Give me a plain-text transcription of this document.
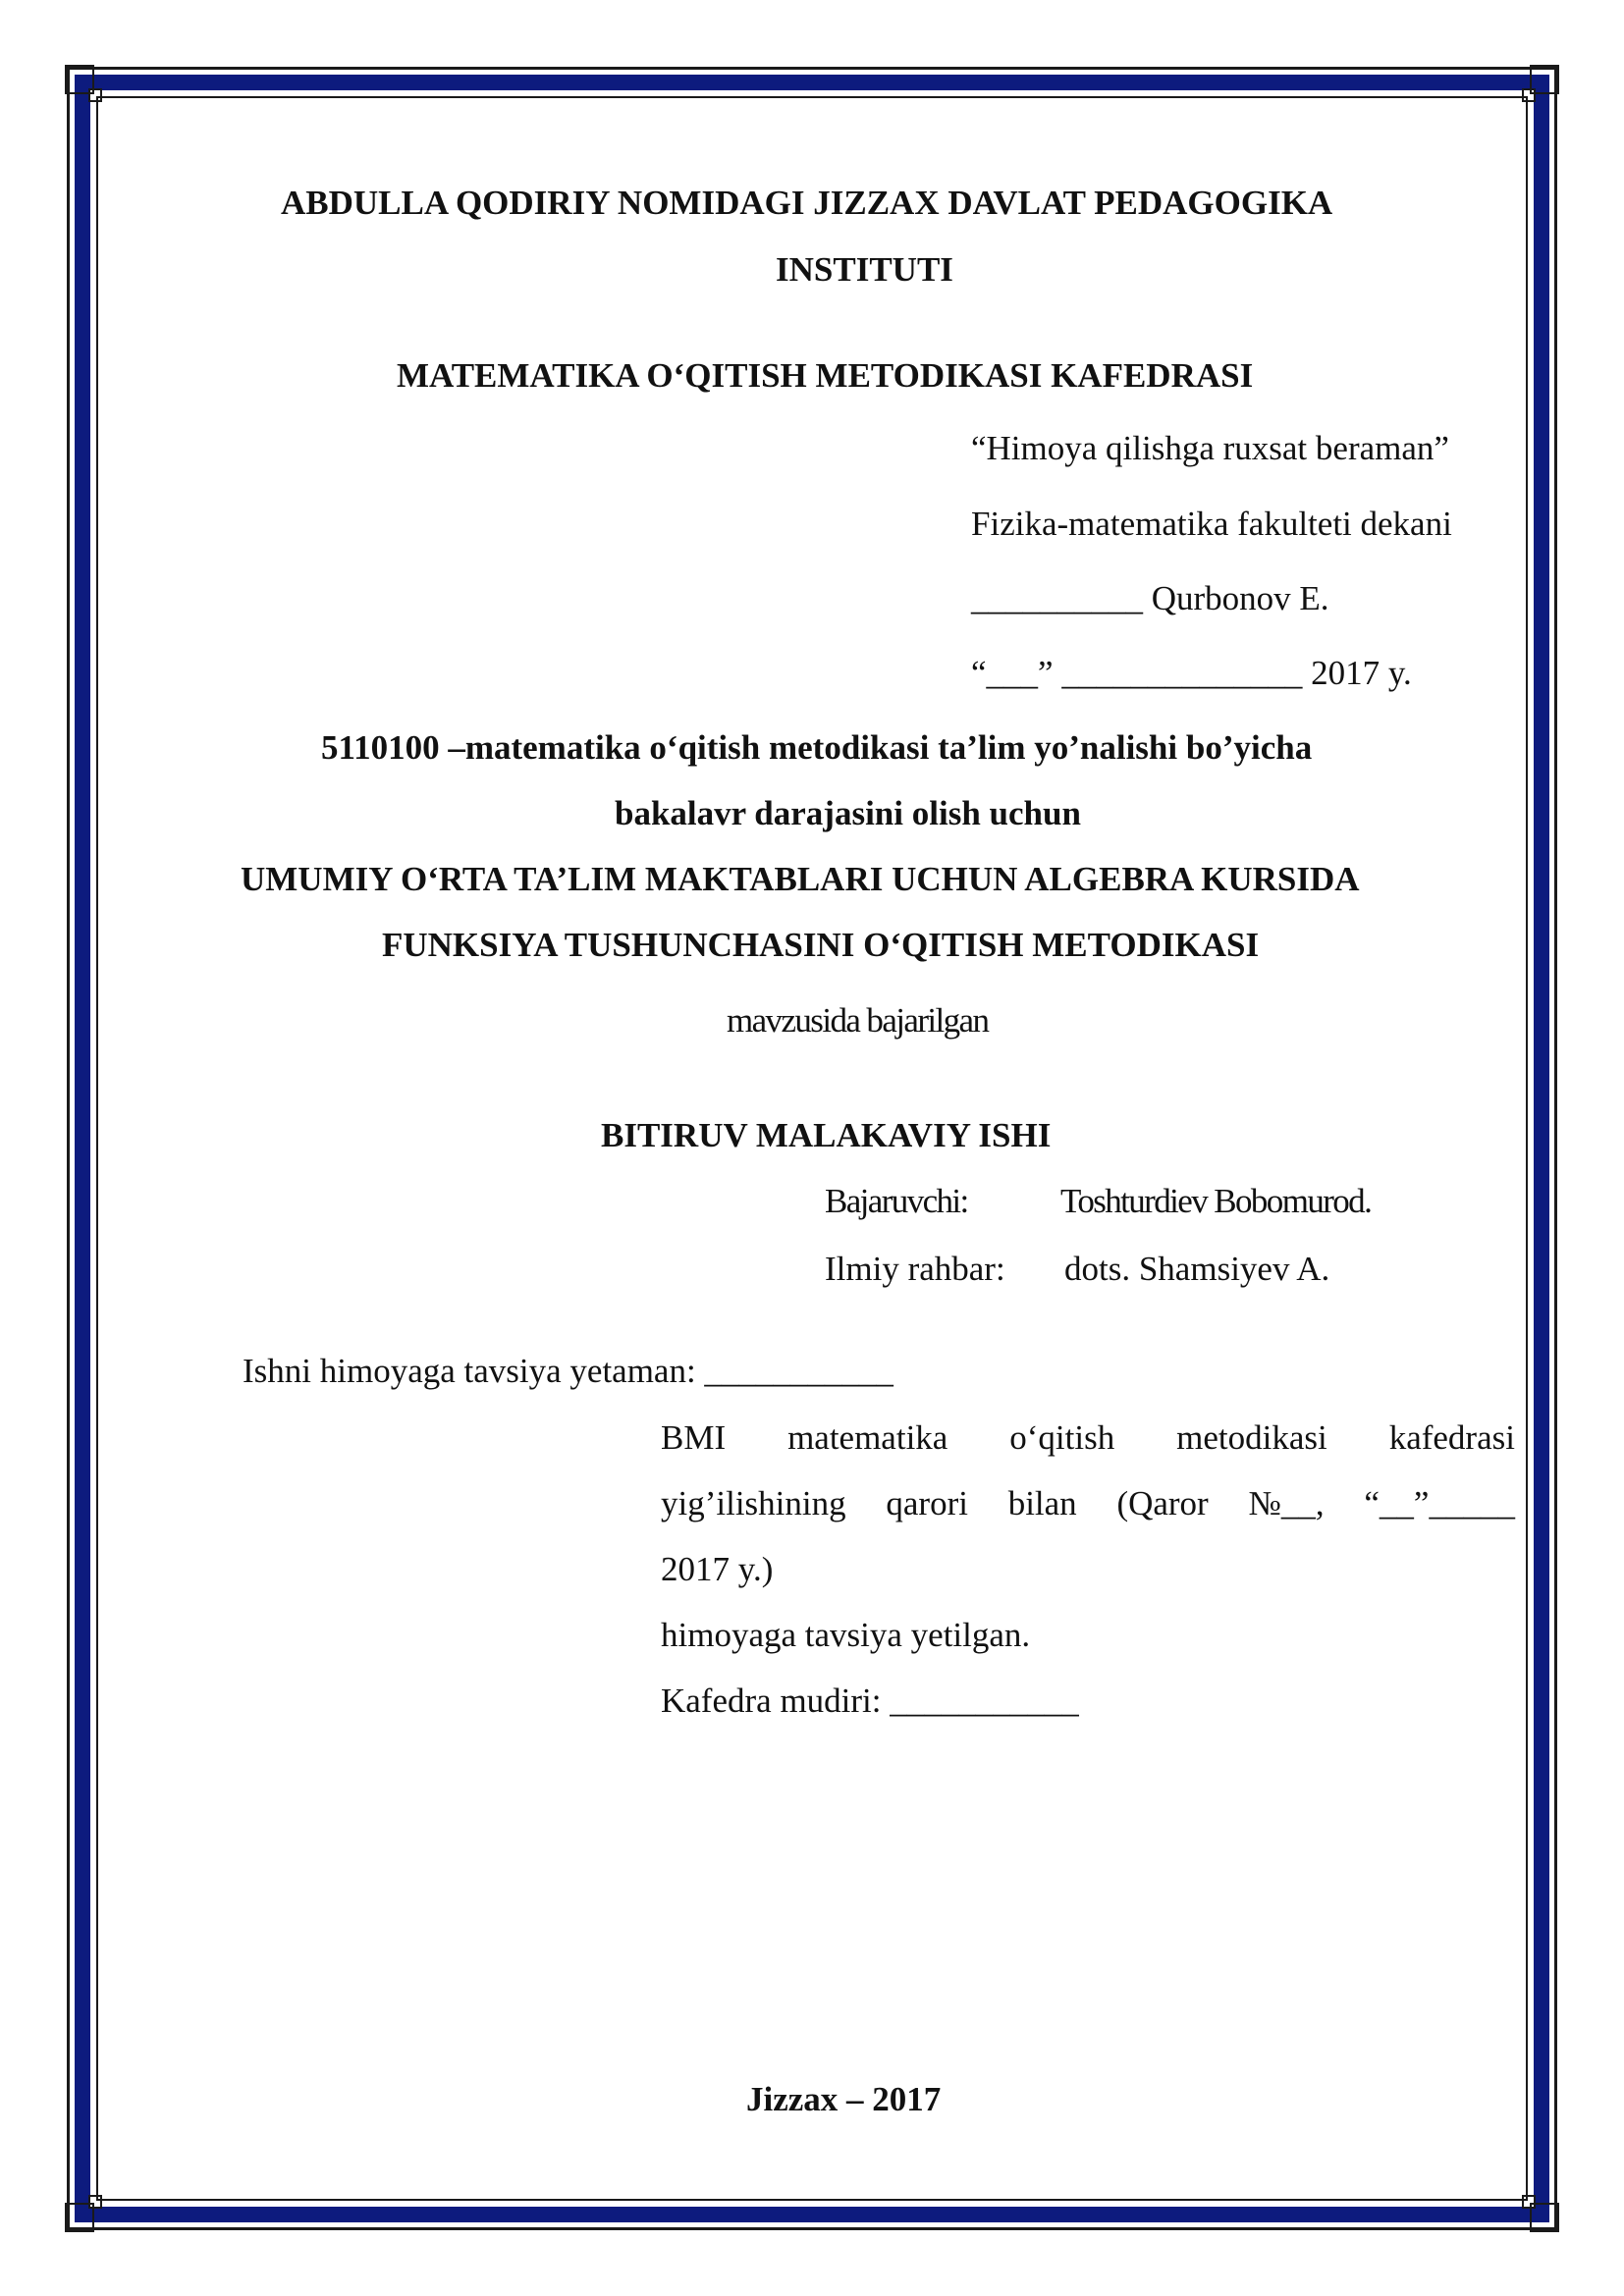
ABDULLA QODIRIY NOMIDAGI JIZZAX DAVLAT PEDAGOGIKA
INSTITUTI
MATEMATIKA O‘QITISH METODIKASI KAFEDRASI
“Himoya qilishga ruxsat beraman”
Fizika-matematika fakulteti dekani
__________ Qurbonov E.
“___” ______________ 2017 y.
5110100 –matematika o‘qitish metodikasi ta’lim yo’nalishi bo’yicha
bakalavr darajasini olish uchun
UMUMIY O‘RTA TA’LIM MAKTABLARI UCHUN ALGEBRA KURSIDA
FUNKSIYA TUSHUNCHASINI O‘QITISH METODIKASI
mavzusida bajarilgan
BITIRUV MALAKAVIY ISHI
Bajaruvchi:	Toshturdiev Bobomurod.
Ilmiy rahbar: dots. Shamsiyev A.
Ishni himoyaga tavsiya yetaman: ___________
BMI matematika o‘qitish metodikasi kafedrasi
yig’ilishining qarori bilan (Qaror №__, “__”_____
2017 y.)
himoyaga tavsiya yetilgan.
Kafedra mudiri: ___________
Jizzax – 2017
